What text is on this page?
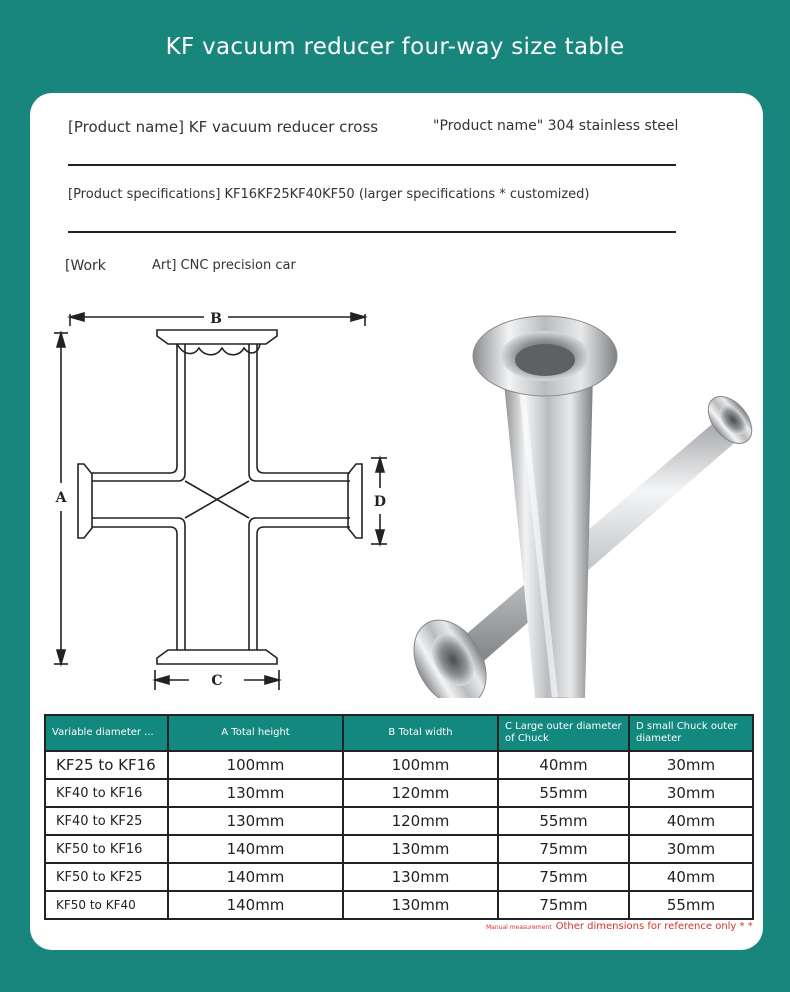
KF vacuum reducer four-way size table
[Product name] KF vacuum reducer cross	"Product name" 304 stainless steel
[Product specifications] KF16KF25KF40KF50 (larger specifications * customized)
[Work	Art] CNC precision car
B
A	D
C
Variable diameter ...	A Total height	B Total width	C Large outer diameter of Chuck	D small Chuck outer diameter
KF25 to KF16	100mm	100mm	40mm	30mm
KF40 to KF16	130mm	120mm	55mm	30mm
KF40 to KF25	130mm	120mm	55mm	40mm
KF50 to KF16	140mm	130mm	75mm	30mm
KF50 to KF25	140mm	130mm	75mm	40mm
KF50 to KF40	140mm	130mm	75mm	55mm
Manual measurement Other dimensions for reference only * *
